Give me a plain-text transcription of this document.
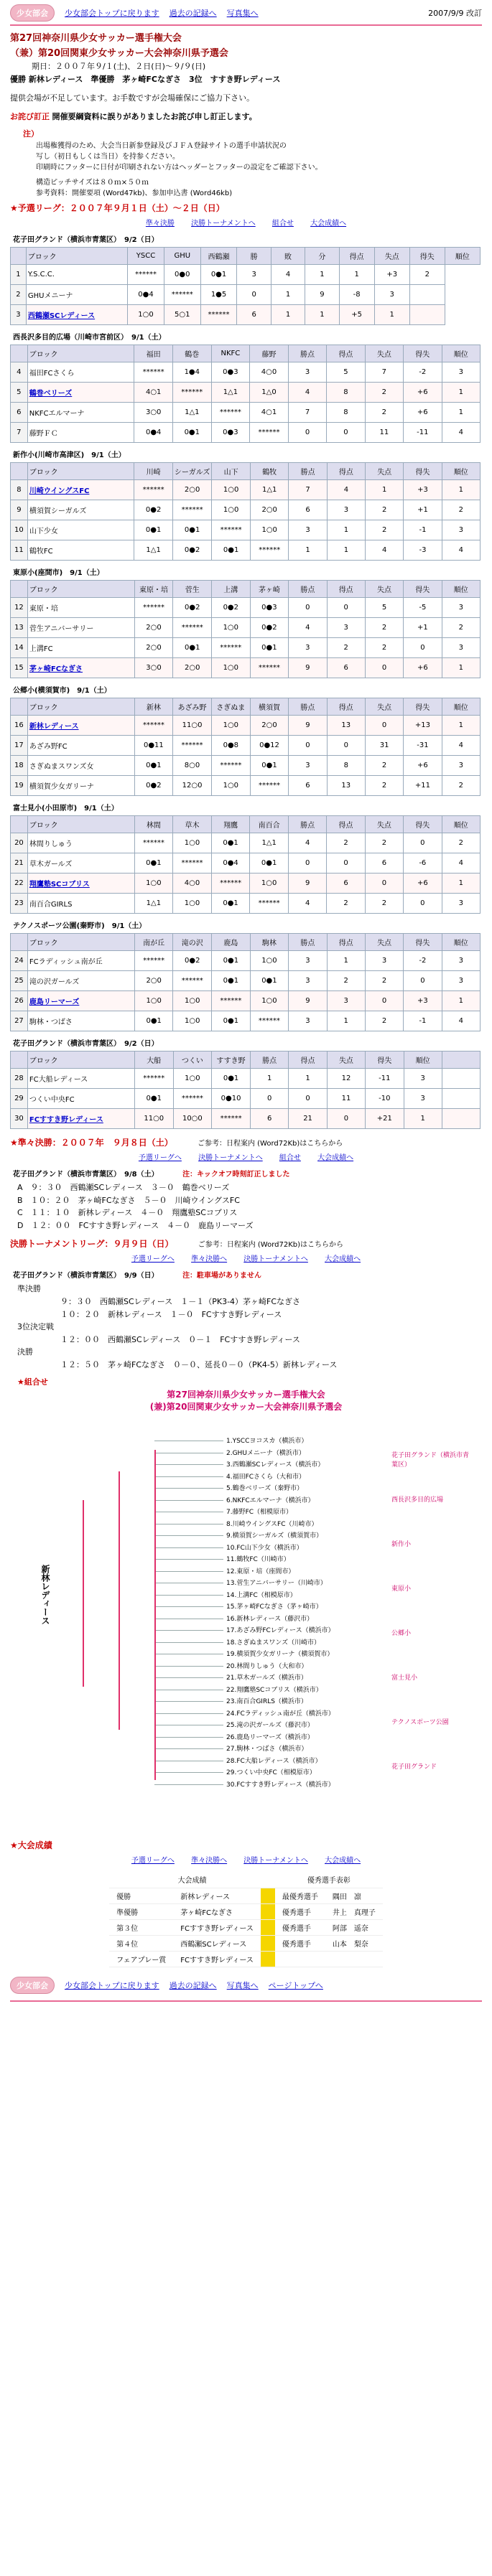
少女部会	少女部会トップに戻ります 過去の記録へ 写真集へ	2007/9/9 改訂
第27回神奈川県少女サッカー選手権大会
（兼）第20回関東少女サッカー大会神奈川県予選会
期日：２００７年９/１(土)、２日(日)～９/９(日)
優勝 新林レディース　準優勝　茅ヶ崎FCなぎさ　3位　すすき野レディース
提供会場が不足しています。お手数ですが会場確保にご協力下さい。
お詫び訂正 開催要綱資料に誤りがありましたお詫び申し訂正します。
注）
出場権獲得のため、大会当日新参登録及びＪＦＡ登録サイトの選手申請状況の
写し（初日もしくは当日）を持参ください。
印刷時にフッターに日付が印刷されない方はヘッダーとフッターの設定をご確認下さい。
構造ピッチサイズは８０ｍ×５０ｍ
参考資料：開催要項 (Word47kb)、参加申込書 (Word46kb)
★予選リーグ：２００７年９月１日（土）～２日（日）
準々決勝 決勝トーナメントへ 組合せ 大会成績へ
花子田グランド（横浜市青葉区）　9/2（日）
	ブロック	YSCC	GHU	西鶴瀬	勝	敗	分	得点	失点	得失	順位
1	Y.S.C.C.	******	0●0	0●1	3	4	1	1	+3	2	
2	GHUメニーナ	0●4	******	1●5	0	1	9	-8	3		
3	西鶴瀬SCレディース	1○0	5○1	******	6	1	1	+5	1		
西長沢多目的広場（川崎市宮前区）　9/1（土）
	ブロック	福田	鶴巻	NKFC	藤野	勝点	得点	失点	得失	順位
4	福田FCさくら	******	1●4	0●3	4○0	3	5	7	-2	3
5	鶴巻ベリーズ	4○1	******	1△1	1△0	4	8	2	+6	1
6	NKFCエルマーナ	3○0	1△1	******	4○1	7	8	2	+6	1
7	藤野ＦＣ	0●4	0●1	0●3	******	0	0	11	-11	4
新作小(川崎市高津区)　9/1（土）
	ブロック	川崎	シーガルズ	山下	鶴牧	勝点	得点	失点	得失	順位
8	川崎ウイングスFC	******	2○0	1○0	1△1	7	4	1	+3	1
9	横須賀シーガルズ	0●2	******	1○0	2○0	6	3	2	+1	2
10	山下少女	0●1	0●1	******	1○0	3	1	2	-1	3
11	鶴牧FC	1△1	0●2	0●1	******	1	1	4	-3	4
東原小(座間市)　9/1（土）
	ブロック	東原・培	菅生	上溝	茅ヶ崎	勝点	得点	失点	得失	順位
12	東原・培	******	0●2	0●2	0●3	0	0	5	-5	3
13	菅生アニバーサリー	2○0	******	1○0	0●2	4	3	2	+1	2
14	上溝FC	2○0	0●1	******	0●1	3	2	2	0	3
15	茅ヶ崎FCなぎさ	3○0	2○0	1○0	******	9	6	0	+6	1
公郷小(横須賀市)　9/1（土）
	ブロック	新林	あざみ野	さぎぬま	横須賀	勝点	得点	失点	得失	順位
16	新林レディース	******	11○0	1○0	2○0	9	13	0	+13	1
17	あざみ野FC	0●11	******	0●8	0●12	0	0	31	-31	4
18	さぎぬまスワンズ女	0●1	8○0	******	0●1	3	8	2	+6	3
19	横須賀少女ガリーナ	0●2	12○0	1○0	******	6	13	2	+11	2
富士見小(小田原市)　9/1（土）
	ブロック	林間	草木	翔鷹	南百合	勝点	得点	失点	得失	順位
20	林間りしゅう	******	1○0	0●1	1△1	4	2	2	0	2
21	草木ガールズ	0●1	******	0●4	0●1	0	0	6	-6	4
22	翔鷹塾SCコブリス	1○0	4○0	******	1○0	9	6	0	+6	1
23	南百合GIRLS	1△1	1○0	0●1	******	4	2	2	0	3
テクノスポーツ公園(秦野市)　9/1（土）
	ブロック	南が丘	滝の沢	鹿島	駒林	勝点	得点	失点	得失	順位
24	FCラディッシュ南が丘	******	0●2	0●1	1○0	3	1	3	-2	3
25	滝の沢ガールズ	2○0	******	0●1	0●1	3	2	2	0	3
26	鹿島リーマーズ	1○0	1○0	******	1○0	9	3	0	+3	1
27	駒林・つばさ	0●1	1○0	0●1	******	3	1	2	-1	4
花子田グランド（横浜市青葉区）　9/2（日）
	ブロック	大船	つくい	すすき野	勝点	得点	失点	得失	順位	
28	FC大船レディース	******	1○0	0●1	1	1	12	-11	3	
29	つくい中央FC	0●1	******	0●10	0	0	11	-10	3	
30	FCすすき野レディース	11○0	10○0	******	6	21	0	+21	1	
★準々決勝：２００７年　９月８日（土）	ご参考：日程案内 (Word72Kb)はこちらから
予選リーグへ 決勝トーナメントへ 組合せ 大会成績へ
花子田グランド（横浜市青葉区）　9/8（土）	注：キックオフ時刻訂正しました
A　９：３０　西鶴瀬SCレディース　３－０　鶴巻ベリーズ
B　１０：２０　茅ヶ崎FCなぎさ　５－０　川崎ウイングスFC
C　１１：１０　新林レディース　４－０　翔鷹塾SCコブリス
D　１２：００　FCすすき野レディース　４－０　鹿島リーマーズ
決勝トーナメントリーグ：９月９日（日）	ご参考：日程案内 (Word72Kb)はこちらから
予選リーグへ 準々決勝へ 決勝トーナメントへ 大会成績へ
花子田グランド（横浜市青葉区）　9/9（日）	注：駐車場がありません
準決勝
９：３０　西鶴瀬SCレディース　１－１（PK3-4）茅ヶ崎FCなぎさ
１０：２０　新林レディース　１－０　FCすすき野レディース
3位決定戦
１２：００　西鶴瀬SCレディース　０－１　FCすすき野レディース
決勝
１２：５０　茅ヶ崎FCなぎさ　０－０、延長０－０（PK4-5）新林レディース
★組合せ
第27回神奈川県少女サッカー選手権大会
(兼)第20回関東少女サッカー大会神奈川県予選会
1.YSCCヨコスカ（横浜市）
2.GHUメニーナ（横浜市）
3.西鶴瀬SCレディース（横浜市）
4.福田FCさくら（大和市）
5.鶴巻ベリーズ（秦野市）
6.NKFCエルマーナ（横浜市）
7.藤野FC（相模原市）
8.川崎ウイングスFC（川崎市）
9.横須賀シーガルズ（横須賀市）
10.FC山下少女（横浜市）
11.鶴牧FC（川崎市）
12.東原・培（座間市）
13.菅生アニバーサリー（川崎市）
14.上溝FC（相模原市）
15.茅ヶ崎FCなぎさ（茅ヶ崎市）
16.新林レディース（藤沢市）
17.あざみ野FCレディース（横浜市）
18.さぎぬまスワンズ（川崎市）
19.横須賀少女ガリーナ（横須賀市）
20.林間りしゅう（大和市）
21.草木ガールズ（横浜市）
22.翔鷹塾SCコブリス（横浜市）
23.南百合GIRLS（横浜市）
24.FCラディッシュ南が丘（横浜市）
25.滝の沢ガールズ（藤沢市）
26.鹿島リーマーズ（横浜市）
27.駒林・つばさ（横浜市）
28.FC大船レディース（横浜市）
29.つくい中央FC（相模原市）
30.FCすすき野レディース（横浜市）
新林レディース
花子田グランド（横浜市青葉区）
西長沢多目的広場
新作小
東原小
公郷小
富士見小
テクノスポーツ公園
花子田グランド
★大会成績
予選リーグへ 準々決勝へ 決勝トーナメントへ 大会成績へ
大会成績			優秀選手表彰	
優勝	新林レディース		最優秀選手	隅田　凛
準優勝	茅ヶ崎FCなぎさ		優秀選手	井上　真理子
第３位	FCすすき野レディース		優秀選手	阿部　遥奈
第４位	西鶴瀬SCレディース		優秀選手	山本　梨奈
フェアプレー賞	FCすすき野レディース			
少女部会	少女部会トップに戻ります 過去の記録へ 写真集へ ページトップへ
